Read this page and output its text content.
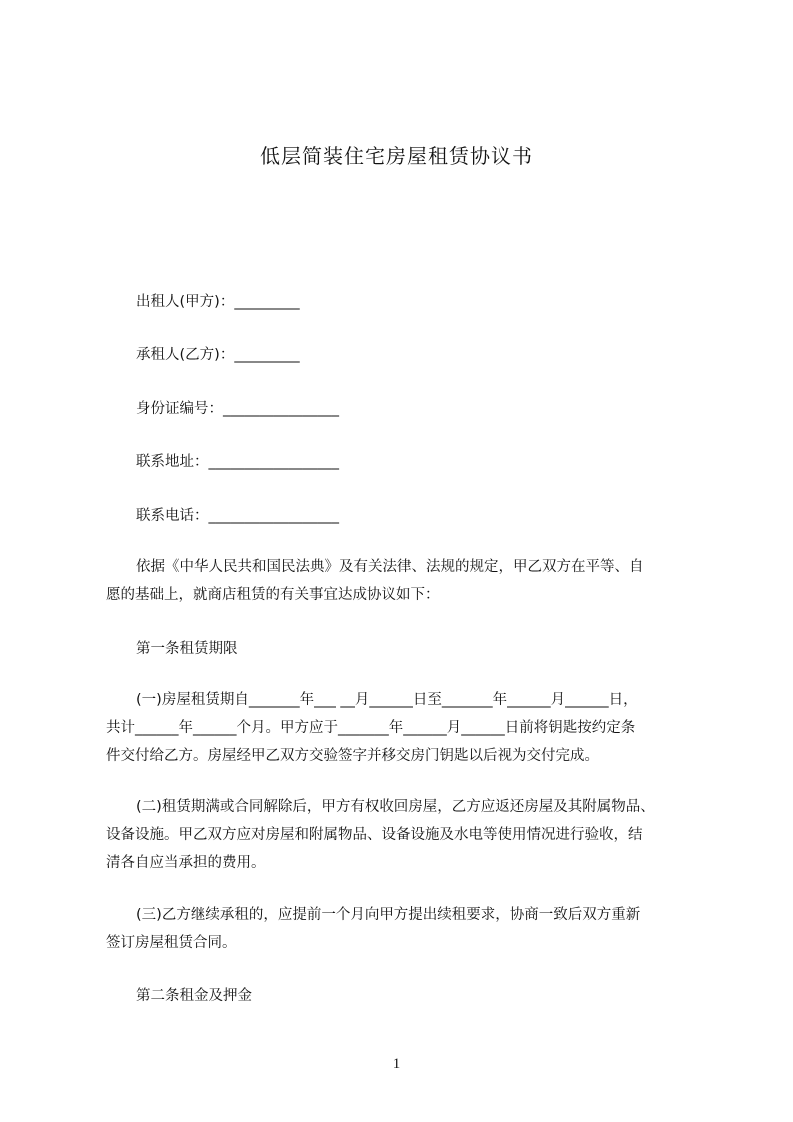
低层简装住宅房屋租赁协议书
出租人(甲方)：_________
承租人(乙方)：_________
身份证编号：________________
联系地址：__________________
联系电话：__________________
依据《中华人民共和国民法典》及有关法律、法规的规定，甲乙双方在平等、自
愿的基础上，就商店租赁的有关事宜达成协议如下：
第一条租赁期限
(一)房屋租赁期自_______年___ __月______日至_______年______月______日，
共计______年______个月。甲方应于_______年______月______日前将钥匙按约定条
件交付给乙方。房屋经甲乙双方交验签字并移交房门钥匙以后视为交付完成。
(二)租赁期满或合同解除后，甲方有权收回房屋，乙方应返还房屋及其附属物品、
设备设施。甲乙双方应对房屋和附属物品、设备设施及水电等使用情况进行验收，结
清各自应当承担的费用。
(三)乙方继续承租的，应提前一个月向甲方提出续租要求，协商一致后双方重新
签订房屋租赁合同。
第二条租金及押金
1
